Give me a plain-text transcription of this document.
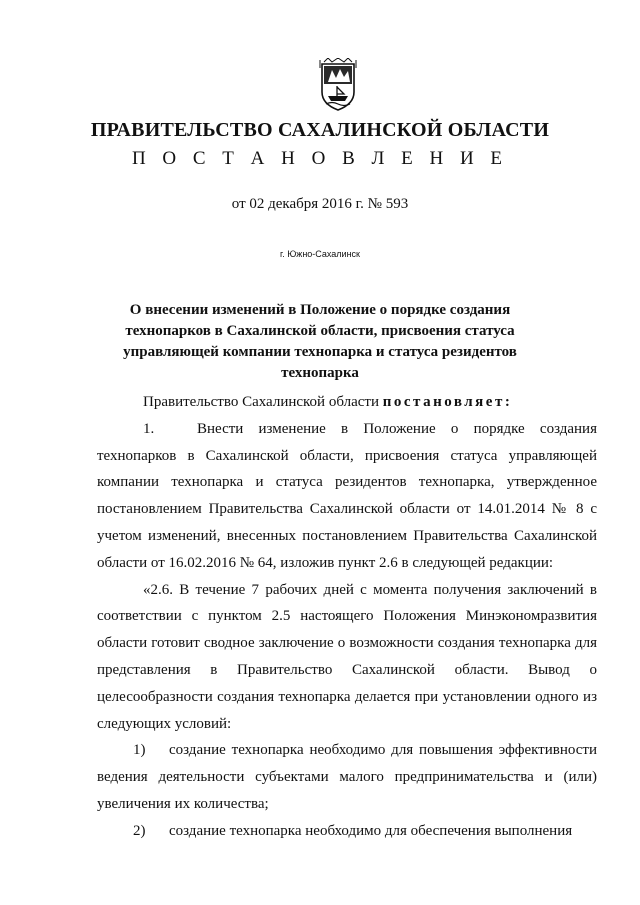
ПРАВИТЕЛЬСТВО САХАЛИНСКОЙ ОБЛАСТИ
П О С Т А Н О В Л Е Н И Е
от 02 декабря 2016 г. № 593
г. Южно-Сахалинск
О внесении изменений в Положение о порядке создания технопарков в Сахалинской области, присвоения статуса управляющей компании технопарка и статуса резидентов технопарка

Правительство Сахалинской области постановляет:

1.	Внести изменение в Положение о порядке создания технопарков в Сахалинской области, присвоения статуса управляющей компании технопарка и статуса резидентов технопарка, утвержденное постановлением Правительства Сахалинской области от 14.01.2014 № 8 с учетом изменений, внесенных постановлением Правительства Сахалинской области от 16.02.2016 № 64, изложив пункт 2.6 в следующей редакции:

«2.6. В течение 7 рабочих дней с момента получения заключений в соответствии с пунктом 2.5 настоящего Положения Минэкономразвития области готовит сводное заключение о возможности создания технопарка для представления в Правительство Сахалинской области. Вывод о целесообразности создания технопарка делается при установлении одного из следующих условий:

1) создание технопарка необходимо для повышения эффективности ведения деятельности субъектами малого предпринимательства и (или) увеличения их количества;

2) создание технопарка необходимо для обеспечения выполнения
